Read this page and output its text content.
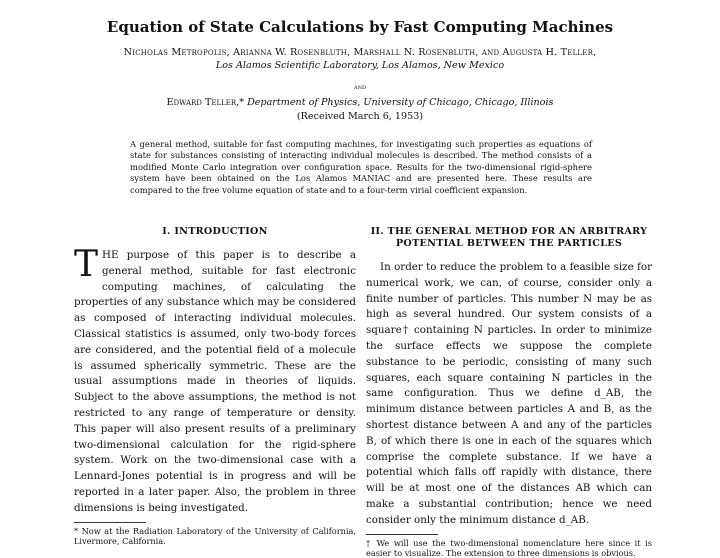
Equation of State Calculations by Fast Computing Machines
Nicholas Metropolis, Arianna W. Rosenbluth, Marshall N. Rosenbluth, and Augusta H. Teller,
Los Alamos Scientific Laboratory, Los Alamos, New Mexico
and
Edward Teller,* Department of Physics, University of Chicago, Chicago, Illinois
(Received March 6, 1953)
A general method, suitable for fast computing machines, for investigating such properties as equations of state for substances consisting of interacting individual molecules is described. The method consists of a modified Monte Carlo integration over configuration space. Results for the two-dimensional rigid-sphere system have been obtained on the Los Alamos MANIAC and are presented here. These results are compared to the free volume equation of state and to a four-term virial coefficient expansion.
I. INTRODUCTION
THE purpose of this paper is to describe a general method, suitable for fast electronic computing machines, of calculating the properties of any substance which may be considered as composed of interacting individual molecules. Classical statistics is assumed, only two-body forces are considered, and the potential field of a molecule is assumed spherically symmetric. These are the usual assumptions made in theories of liquids. Subject to the above assumptions, the method is not restricted to any range of temperature or density. This paper will also present results of a preliminary two-dimensional calculation for the rigid-sphere system. Work on the two-dimensional case with a Lennard-Jones potential is in progress and will be reported in a later paper. Also, the problem in three dimensions is being investigated.
* Now at the Radiation Laboratory of the University of California, Livermore, California.
II. THE GENERAL METHOD FOR AN ARBITRARY POTENTIAL BETWEEN THE PARTICLES
In order to reduce the problem to a feasible size for numerical work, we can, of course, consider only a finite number of particles. This number N may be as high as several hundred. Our system consists of a square† containing N particles. In order to minimize the surface effects we suppose the complete substance to be periodic, consisting of many such squares, each square containing N particles in the same configuration. Thus we define d_AB, the minimum distance between particles A and B, as the shortest distance between A and any of the particles B, of which there is one in each of the squares which comprise the complete substance. If we have a potential which falls off rapidly with distance, there will be at most one of the distances AB which can make a substantial contribution; hence we need consider only the minimum distance d_AB.
† We will use the two-dimensional nomenclature here since it is easier to visualize. The extension to three dimensions is obvious.
